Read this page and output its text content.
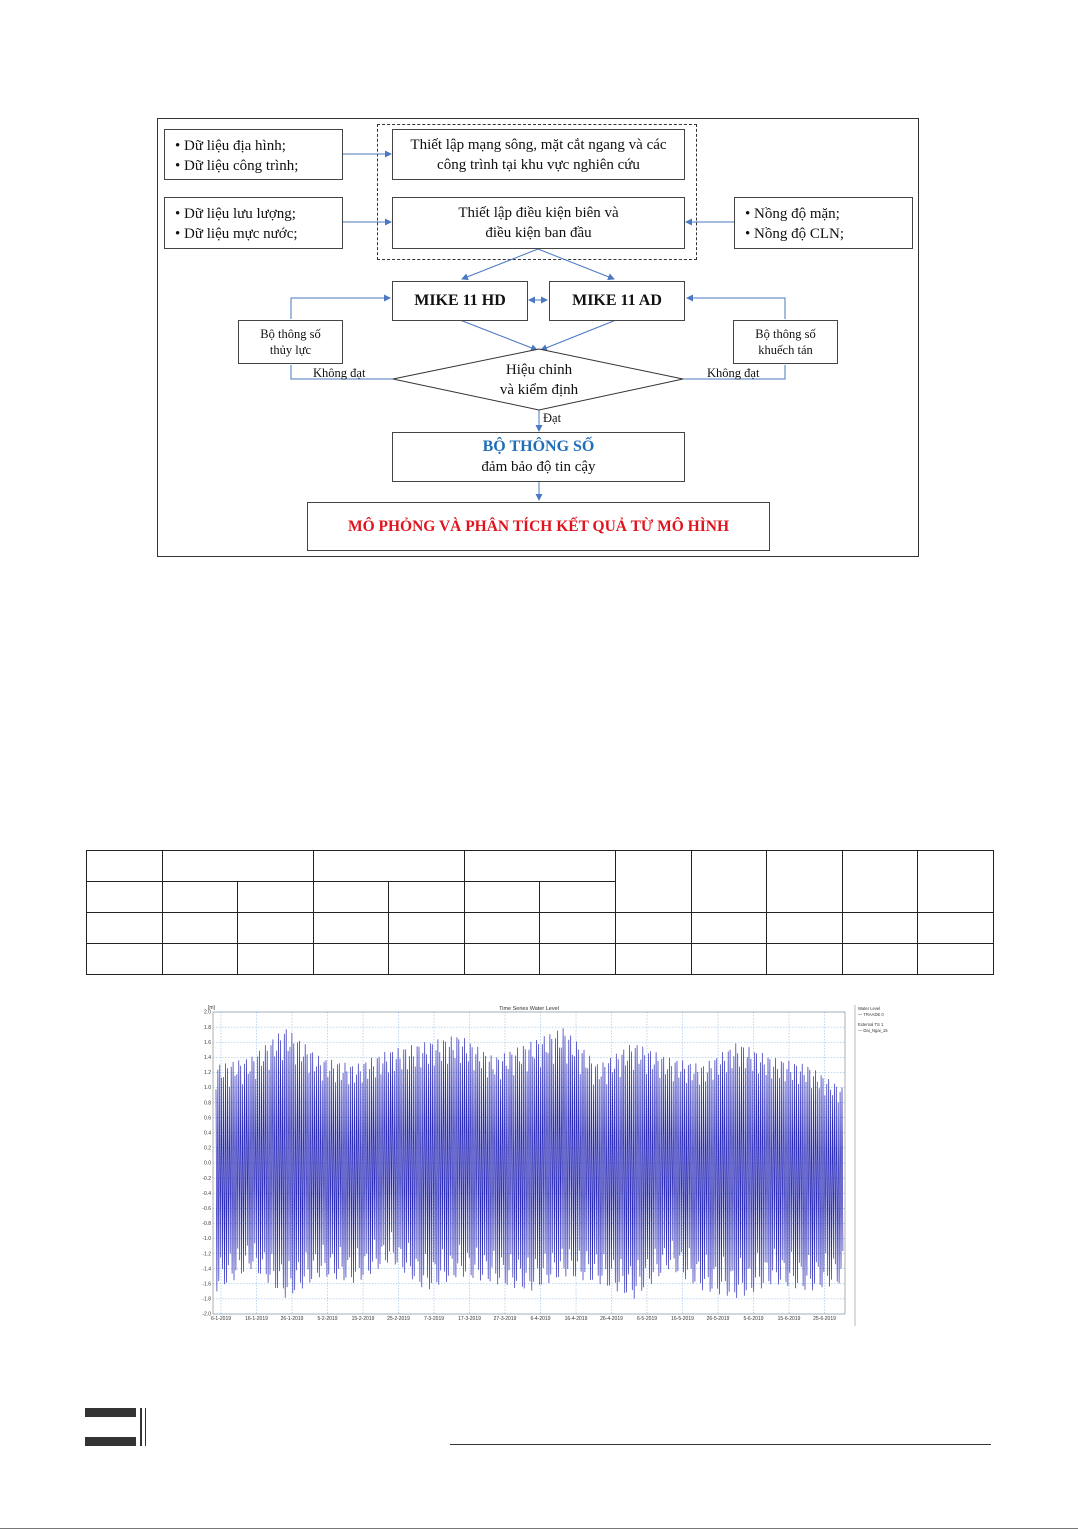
• Dữ liệu địa hình;
• Dữ liệu công trình;
• Dữ liệu lưu lượng;
• Dữ liệu mực nước;
• Nồng độ mặn;
• Nồng độ CLN;
Thiết lập mạng sông, mặt cắt ngang và các công trình tại khu vực nghiên cứu
Thiết lập điều kiện biên và điều kiện ban đầu
MIKE 11 HD	MIKE 11 AD
Bộ thông số thủy lực
Bộ thông số khuếch tán
Hiệu chỉnh và kiểm định
Không đạt	Không đạt
Đạt
BỘ THÔNG SỐ
đảm bảo độ tin cậy
MÔ PHỎNG VÀ PHÂN TÍCH KẾT QUẢ TỪ MÔ HÌNH

Time Series Water Level
[m]
2.0
1.8
1.6
1.4
1.2
1.0
0.8
0.6
0.4
0.2
0.0
-0.2
-0.4
-0.6
-0.8
-1.0
-1.2
-1.4
-1.6
-1.8
-2.0
6-1-2019	16-1-2019	26-1-2019	5-2-2019	15-2-2019	25-2-2019	7-3-2019	17-3-2019	27-3-2019	6-4-2019	16-4-2019	26-4-2019	6-5-2019	16-5-2019	26-5-2019	5-6-2019	15-6-2019	25-6-2019
Water Level
— TRAADE 0
External TS 1
— Dai_Ngai_15
